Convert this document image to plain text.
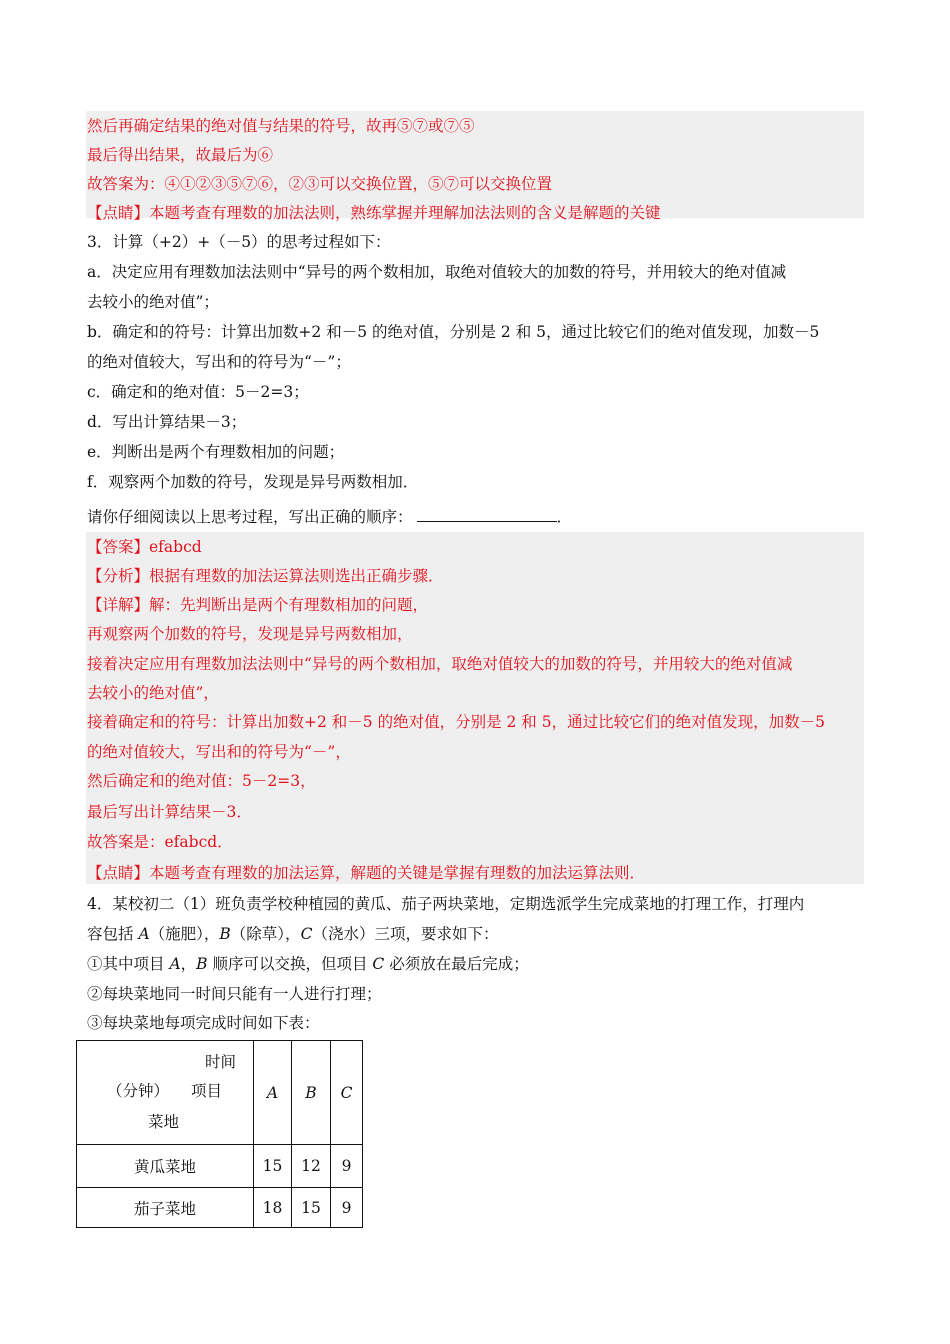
然后再确定结果的绝对值与结果的符号，故再⑤⑦或⑦⑤
最后得出结果，故最后为⑥
故答案为：④①②③⑤⑦⑥，②③可以交换位置，⑤⑦可以交换位置
【点睛】本题考查有理数的加法法则，熟练掌握并理解加法法则的含义是解题的关键
3．计算（+2）+（－5）的思考过程如下：
a．决定应用有理数加法法则中“异号的两个数相加，取绝对值较大的加数的符号，并用较大的绝对值减
去较小的绝对值”；
b．确定和的符号：计算出加数+2 和－5 的绝对值，分别是 2 和 5，通过比较它们的绝对值发现，加数－5
的绝对值较大，写出和的符号为“－”；
c．确定和的绝对值：5－2=3；
d．写出计算结果－3；
e．判断出是两个有理数相加的问题；
f．观察两个加数的符号，发现是异号两数相加．
请你仔细阅读以上思考过程，写出正确的顺序：	．
【答案】efabcd
【分析】根据有理数的加法运算法则选出正确步骤．
【详解】解：先判断出是两个有理数相加的问题，
再观察两个加数的符号，发现是异号两数相加，
接着决定应用有理数加法法则中“异号的两个数相加，取绝对值较大的加数的符号，并用较大的绝对值减
去较小的绝对值”，
接着确定和的符号：计算出加数+2 和－5 的绝对值，分别是 2 和 5，通过比较它们的绝对值发现，加数－5
的绝对值较大，写出和的符号为“－”，
然后确定和的绝对值：5－2=3，
最后写出计算结果－3．
故答案是：efabcd．
【点睛】本题考查有理数的加法运算，解题的关键是掌握有理数的加法运算法则．
4．某校初二（1）班负责学校种植园的黄瓜、茄子两块菜地，定期选派学生完成菜地的打理工作，打理内
容包括 A（施肥），B（除草），C（浇水）三项，要求如下：
①其中项目 A，B 顺序可以交换，但项目 C 必须放在最后完成；
②每块菜地同一时间只能有一人进行打理；
③每块菜地每项完成时间如下表：
时间
（分钟） 项目
菜地	A	B	C
黄瓜菜地	15	12	9
茄子菜地	18	15	9
